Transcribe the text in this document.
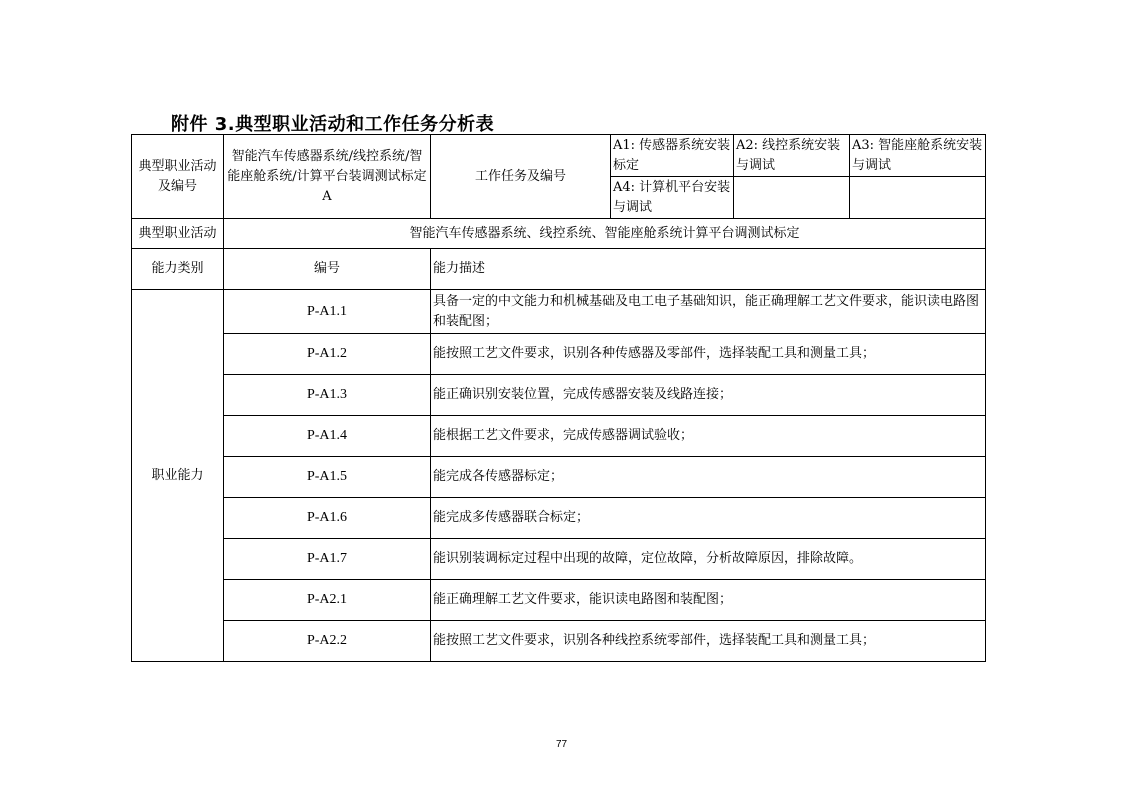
附件 3.典型职业活动和工作任务分析表
典型职业活动及编号	智能汽车传感器系统/线控系统/智能座舱系统/计算平台装调测试标定 A	工作任务及编号	A1: 传感器系统安装标定	A2: 线控系统安装与调试	A3: 智能座舱系统安装与调试
			A4: 计算机平台安装与调试		
典型职业活动	智能汽车传感器系统、线控系统、智能座舱系统计算平台调测试标定				
能力类别	编号	能力描述			
职业能力	P-A1.1	具备一定的中文能力和机械基础及电工电子基础知识，能正确理解工艺文件要求，能识读电路图和装配图；			
	P-A1.2	能按照工艺文件要求，识别各种传感器及零部件，选择装配工具和测量工具；			
	P-A1.3	能正确识别安装位置，完成传感器安装及线路连接；			
	P-A1.4	能根据工艺文件要求，完成传感器调试验收；			
	P-A1.5	能完成各传感器标定；			
	P-A1.6	能完成多传感器联合标定；			
	P-A1.7	能识别装调标定过程中出现的故障，定位故障，分析故障原因，排除故障。			
	P-A2.1	能正确理解工艺文件要求，能识读电路图和装配图；			
	P-A2.2	能按照工艺文件要求，识别各种线控系统零部件，选择装配工具和测量工具；			
77
